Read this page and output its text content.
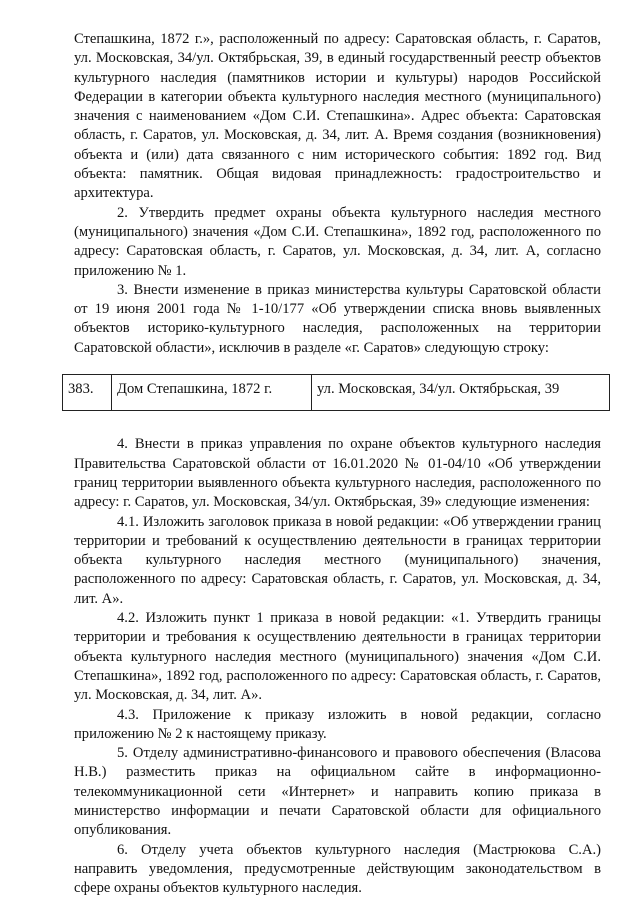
Степашкина, 1872 г.», расположенный по адресу: Саратовская область, г. Саратов, ул. Московская, 34/ул. Октябрьская, 39, в единый государственный реестр объектов культурного наследия (памятников истории и культуры) народов Российской Федерации в категории объекта культурного наследия местного (муниципального) значения с наименованием «Дом С.И. Степашкина». Адрес объекта: Саратовская область, г. Саратов, ул. Московская, д. 34, лит. А. Время создания (возникновения) объекта и (или) дата связанного с ним исторического события: 1892 год. Вид объекта: памятник. Общая видовая принадлежность: градостроительство и архитектура.

2. Утвердить предмет охраны объекта культурного наследия местного (муниципального) значения «Дом С.И. Степашкина», 1892 год, расположенного по адресу: Саратовская область, г. Саратов, ул. Московская, д. 34, лит. А, согласно приложению № 1.

3. Внести изменение в приказ министерства культуры Саратовской области от 19 июня 2001 года № 1-10/177 «Об утверждении списка вновь выявленных объектов историко-культурного наследия, расположенных на территории Саратовской области», исключив в разделе «г. Саратов» следующую строку:

383.	Дом Степашкина, 1872 г.	ул. Московская, 34/ул. Октябрьская, 39

4. Внести в приказ управления по охране объектов культурного наследия Правительства Саратовской области от 16.01.2020 № 01-04/10 «Об утверждении границ территории выявленного объекта культурного наследия, расположенного по адресу: г. Саратов, ул. Московская, 34/ул. Октябрьская, 39» следующие изменения:

4.1. Изложить заголовок приказа в новой редакции: «Об утверждении границ территории и требований к осуществлению деятельности в границах территории объекта культурного наследия местного (муниципального) значения, расположенного по адресу: Саратовская область, г. Саратов, ул. Московская, д. 34, лит. А».

4.2. Изложить пункт 1 приказа в новой редакции: «1. Утвердить границы территории и требования к осуществлению деятельности в границах территории объекта культурного наследия местного (муниципального) значения «Дом С.И. Степашкина», 1892 год, расположенного по адресу: Саратовская область, г. Саратов, ул. Московская, д. 34, лит. А».

4.3. Приложение к приказу изложить в новой редакции, согласно приложению № 2 к настоящему приказу.

5. Отделу административно-финансового и правового обеспечения (Власова Н.В.) разместить приказ на официальном сайте в информационно-телекоммуникационной сети «Интернет» и направить копию приказа в министерство информации и печати Саратовской области для официального опубликования.

6. Отделу учета объектов культурного наследия (Мастрюкова С.А.) направить уведомления, предусмотренные действующим законодательством в сфере охраны объектов культурного наследия.
